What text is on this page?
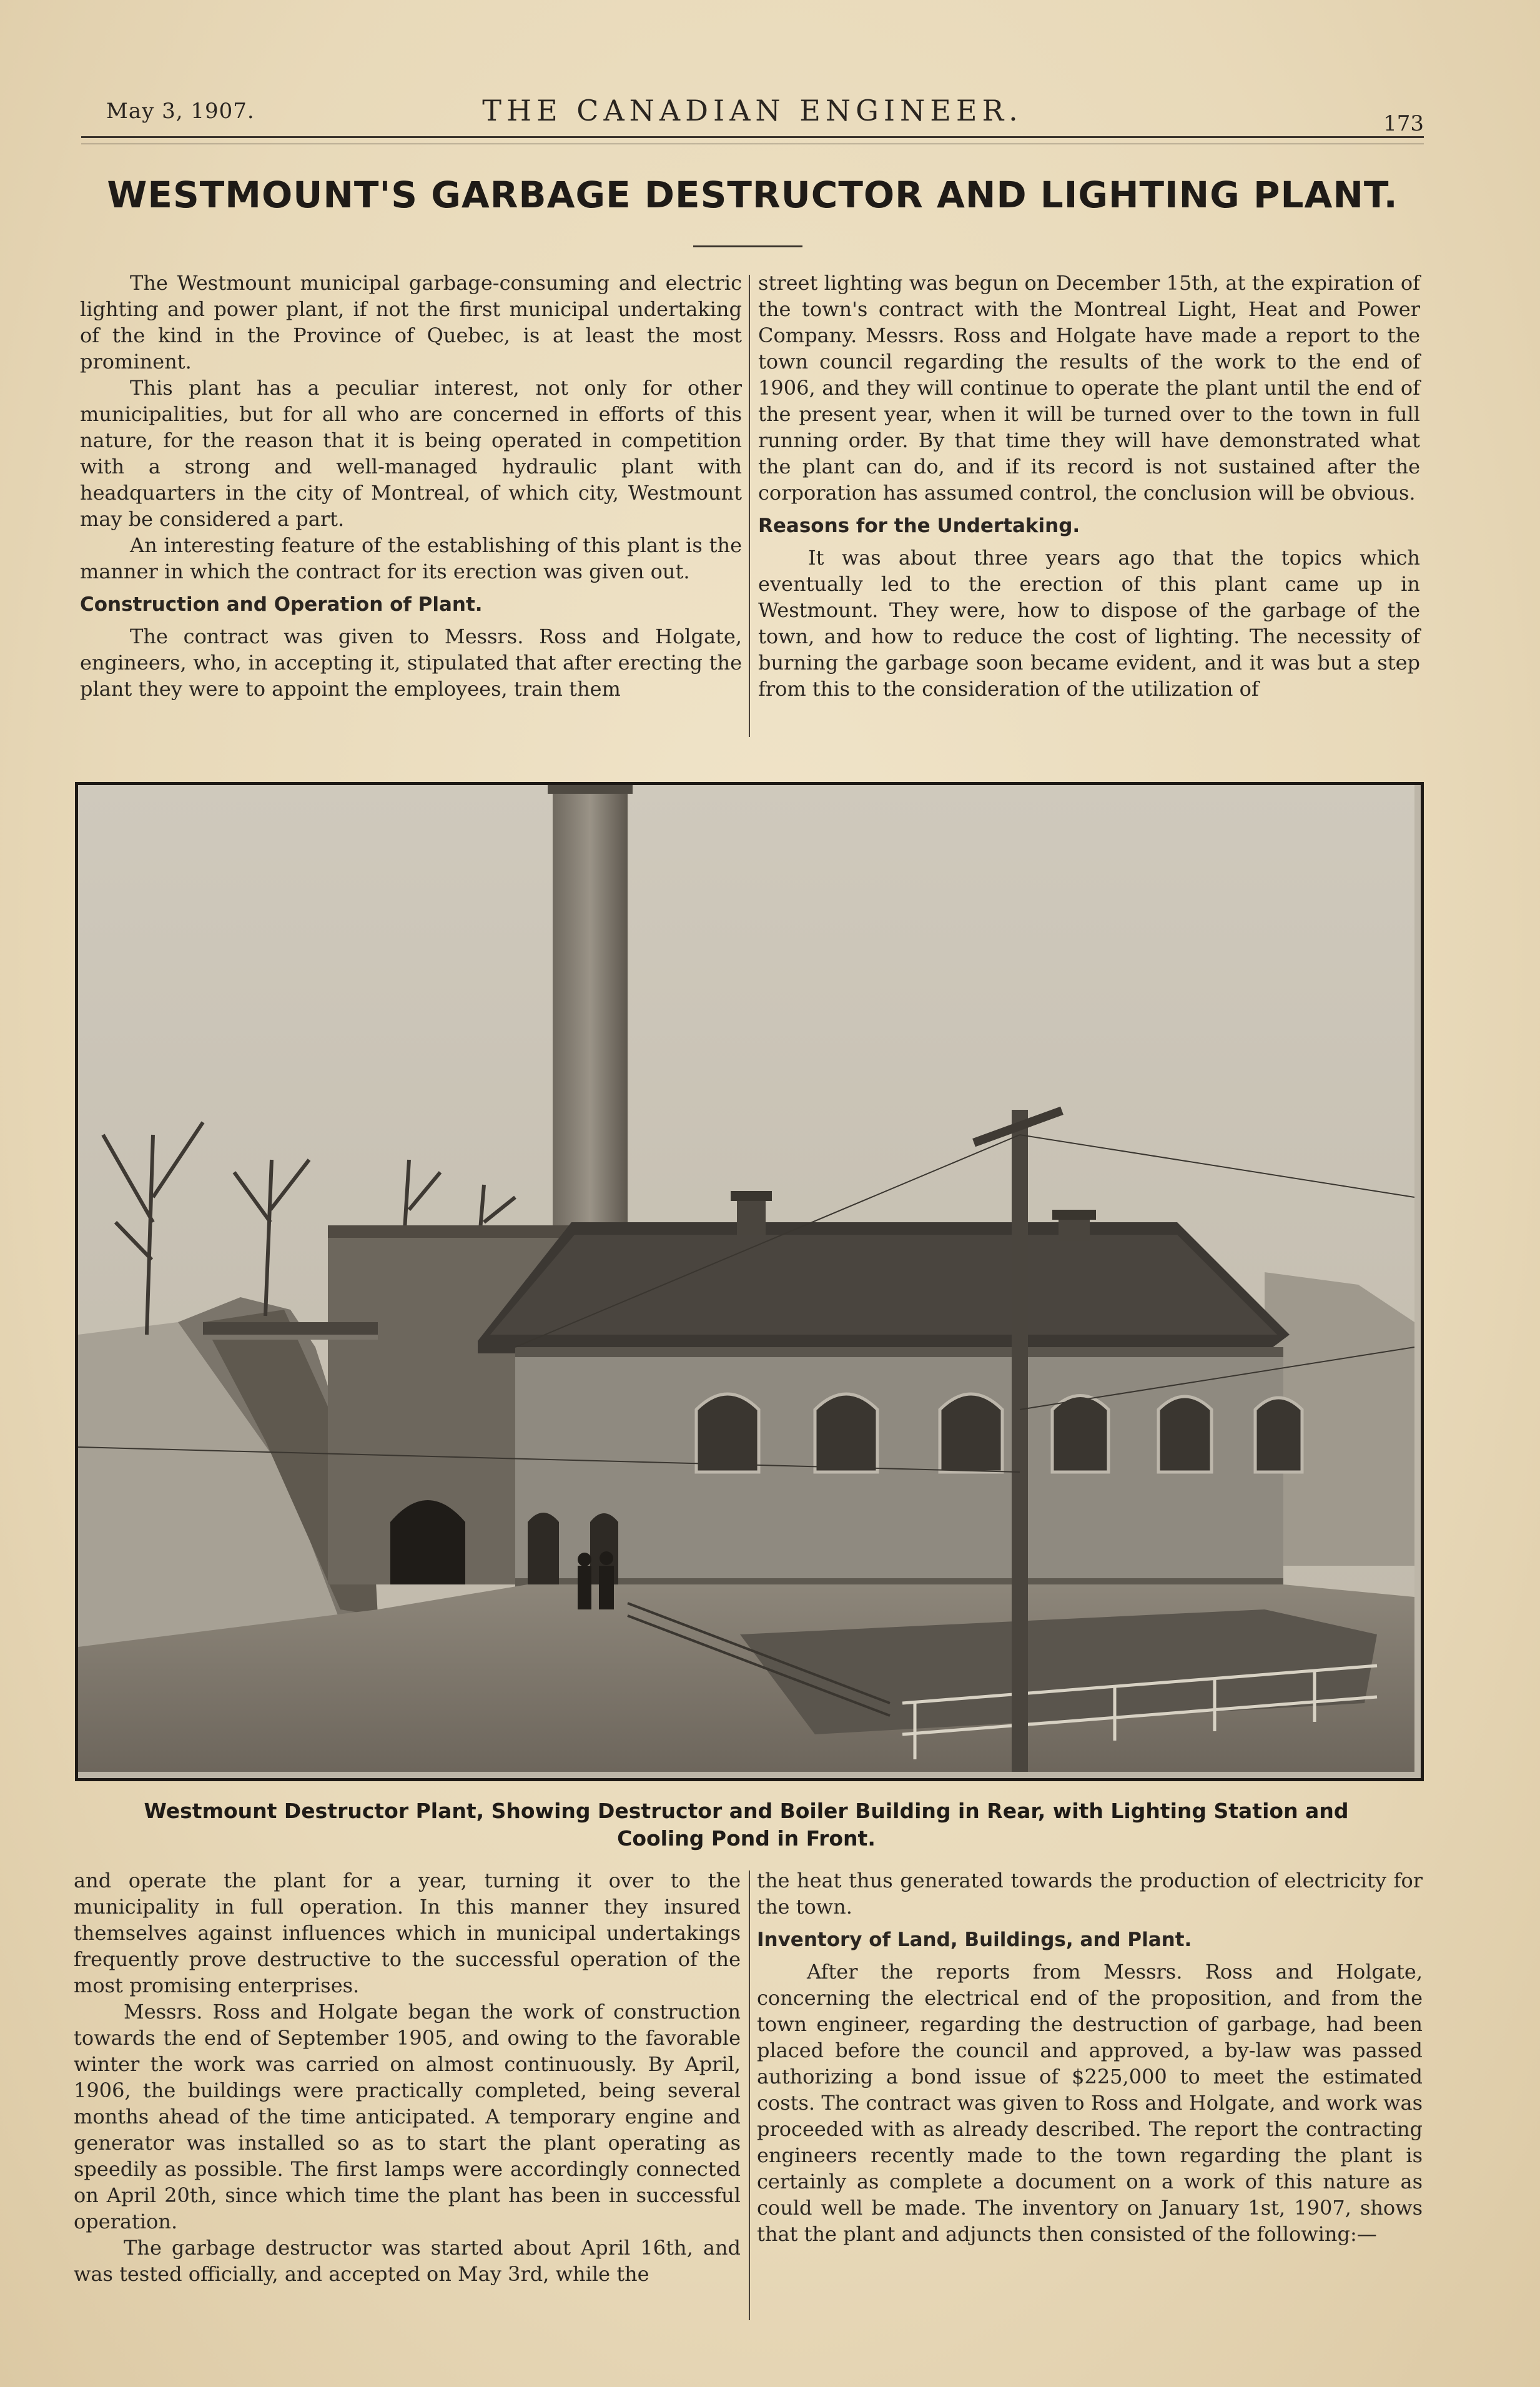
May 3, 1907.	THE CANADIAN ENGINEER.	173
WESTMOUNT'S GARBAGE DESTRUCTOR AND LIGHTING PLANT.

The Westmount municipal garbage-consuming and electric lighting and power plant, if not the first municipal undertaking of the kind in the Province of Quebec, is at least the most prominent.

This plant has a peculiar interest, not only for other municipalities, but for all who are concerned in efforts of this nature, for the reason that it is being operated in competition with a strong and well-managed hydraulic plant with headquarters in the city of Montreal, of which city, Westmount may be considered a part.

An interesting feature of the establishing of this plant is the manner in which the contract for its erection was given out.

Construction and Operation of Plant.

The contract was given to Messrs. Ross and Holgate, engineers, who, in accepting it, stipulated that after erecting the plant they were to appoint the employees, train them

street lighting was begun on December 15th, at the expiration of the town's contract with the Montreal Light, Heat and Power Company. Messrs. Ross and Holgate have made a report to the town council regarding the results of the work to the end of 1906, and they will continue to operate the plant until the end of the present year, when it will be turned over to the town in full running order. By that time they will have demonstrated what the plant can do, and if its record is not sustained after the corporation has assumed control, the conclusion will be obvious.

Reasons for the Undertaking.

It was about three years ago that the topics which eventually led to the erection of this plant came up in Westmount. They were, how to dispose of the garbage of the town, and how to reduce the cost of lighting. The necessity of burning the garbage soon became evident, and it was but a step from this to the consideration of the utilization of

Westmount Destructor Plant, Showing Destructor and Boiler Building in Rear, with Lighting Station and
Cooling Pond in Front.

and operate the plant for a year, turning it over to the municipality in full operation. In this manner they insured themselves against influences which in municipal undertakings frequently prove destructive to the successful operation of the most promising enterprises.

Messrs. Ross and Holgate began the work of construction towards the end of September 1905, and owing to the favorable winter the work was carried on almost continuously. By April, 1906, the buildings were practically completed, being several months ahead of the time anticipated. A temporary engine and generator was installed so as to start the plant operating as speedily as possible. The first lamps were accordingly connected on April 20th, since which time the plant has been in successful operation.

The garbage destructor was started about April 16th, and was tested officially, and accepted on May 3rd, while the

the heat thus generated towards the production of electricity for the town.

Inventory of Land, Buildings, and Plant.

After the reports from Messrs. Ross and Holgate, concerning the electrical end of the proposition, and from the town engineer, regarding the destruction of garbage, had been placed before the council and approved, a by-law was passed authorizing a bond issue of $225,000 to meet the estimated costs. The contract was given to Ross and Holgate, and work was proceeded with as already described. The report the contracting engineers recently made to the town regarding the plant is certainly as complete a document on a work of this nature as could well be made. The inventory on January 1st, 1907, shows that the plant and adjuncts then consisted of the following:—
